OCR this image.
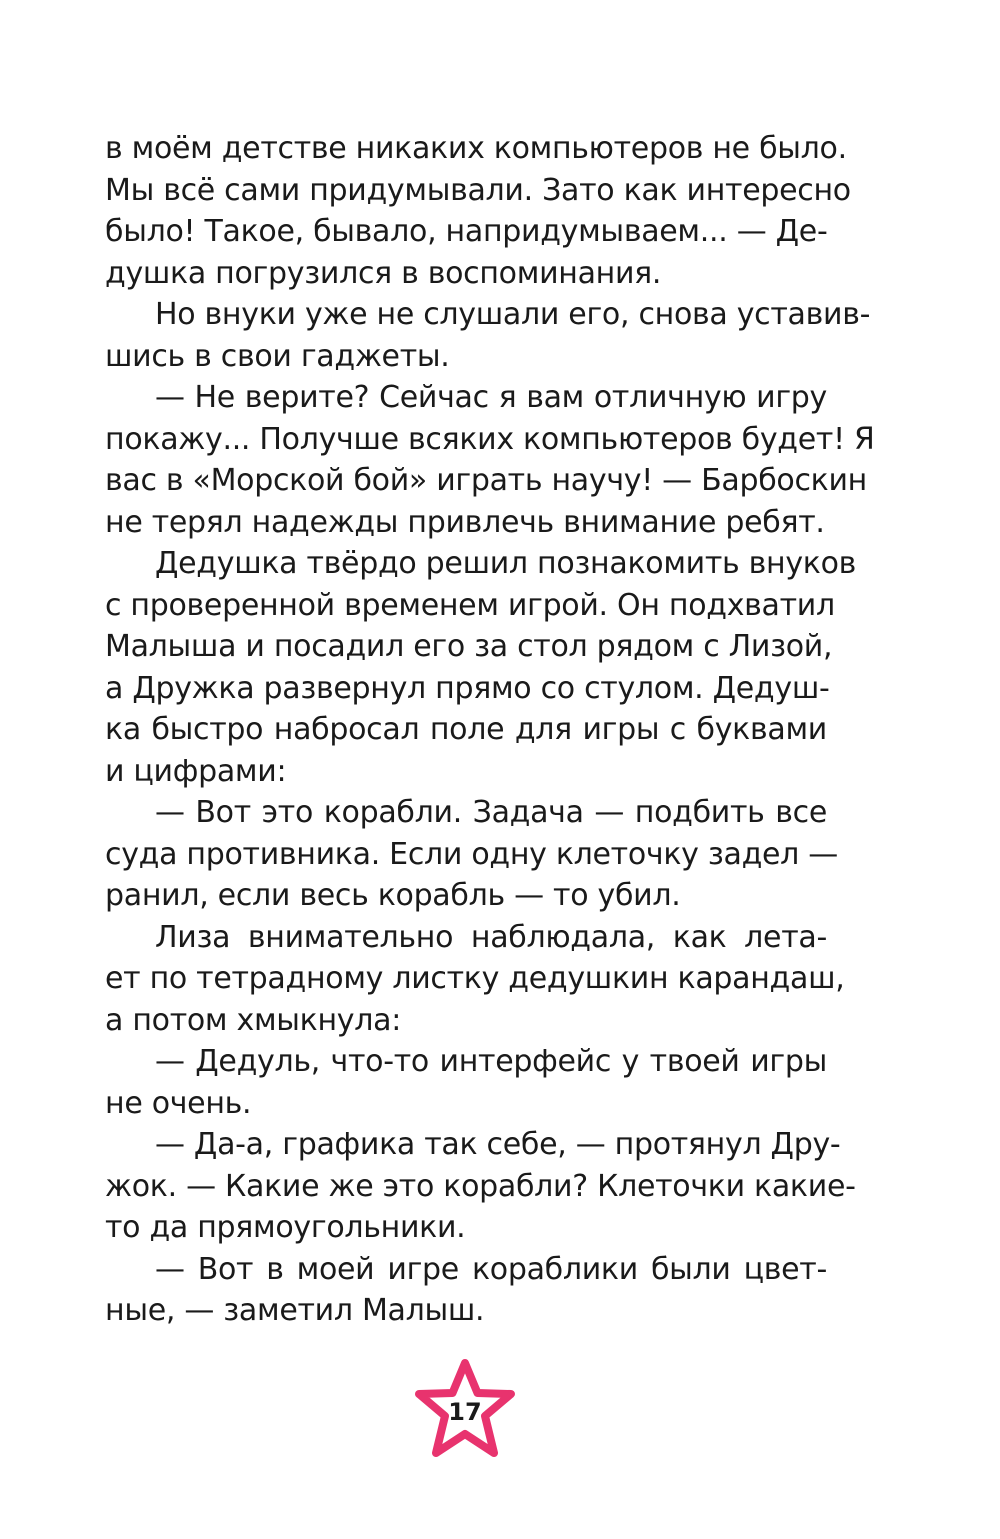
в моём детстве никаких компьютеров не было.
Мы всё сами придумывали. Зато как интересно
было! Такое, бывало, напридумываем... — Де-
душка погрузился в воспоминания.
Но внуки уже не слушали его, снова уставив-
шись в свои гаджеты.
— Не верите? Сейчас я вам отличную игру
покажу... Получше всяких компьютеров будет! Я
вас в «Морской бой» играть научу! — Барбоскин
не терял надежды привлечь внимание ребят.
Дедушка твёрдо решил познакомить внуков
с проверенной временем игрой. Он подхватил
Малыша и посадил его за стол рядом с Лизой,
а Дружка развернул прямо со стулом. Дедуш-
ка быстро набросал поле для игры с буквами
и цифрами:
— Вот это корабли. Задача — подбить все
суда противника. Если одну клеточку задел —
ранил, если весь корабль — то убил.
Лиза внимательно наблюдала, как лета-
ет по тетрадному листку дедушкин карандаш,
а потом хмыкнула:
— Дедуль, что-то интерфейс у твоей игры
не очень.
— Да-а, графика так себе, — протянул Дру-
жок. — Какие же это корабли? Клеточки какие-
то да прямоугольники.
— Вот в моей игре кораблики были цвет-
ные, — заметил Малыш.
17
